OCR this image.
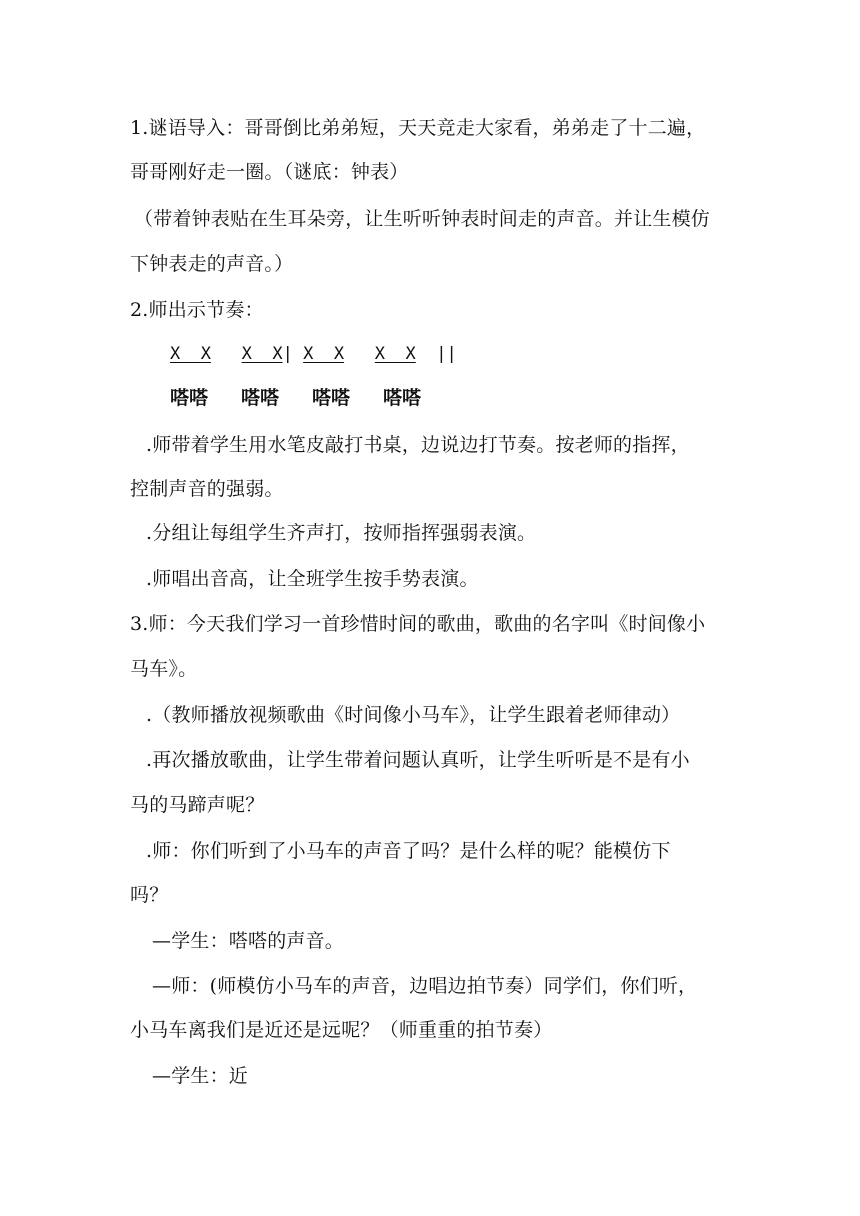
1.谜语导入：哥哥倒比弟弟短，天天竞走大家看，弟弟走了十二遍，
哥哥刚好走一圈。（谜底：钟表）
（带着钟表贴在生耳朵旁，让生听听钟表时间走的声音。并让生模仿
下钟表走的声音。）
2.师出示节奏：
X  X X  X| X  X X  X ||
嗒嗒 嗒嗒 嗒嗒 嗒嗒
.师带着学生用水笔皮敲打书桌，边说边打节奏。按老师的指挥，
控制声音的强弱。
.分组让每组学生齐声打，按师指挥强弱表演。
.师唱出音高，让全班学生按手势表演。
3.师：今天我们学习一首珍惜时间的歌曲，歌曲的名字叫《时间像小
马车》。
.（教师播放视频歌曲《时间像小马车》，让学生跟着老师律动）
.再次播放歌曲，让学生带着问题认真听，让学生听听是不是有小
马的马蹄声呢？
.师：你们听到了小马车的声音了吗？是什么样的呢？能模仿下
吗？
—学生：嗒嗒的声音。
—师：(师模仿小马车的声音，边唱边拍节奏）同学们，你们听，
小马车离我们是近还是远呢？（师重重的拍节奏）
—学生：近
